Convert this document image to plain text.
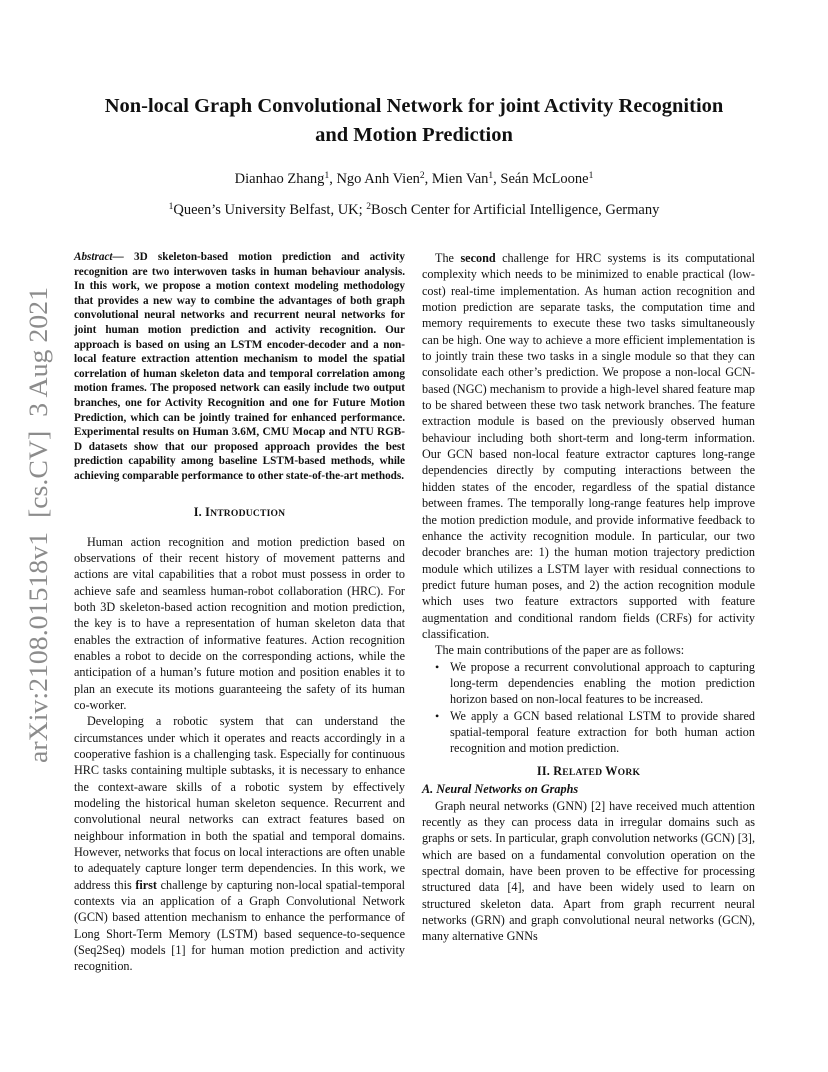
arXiv:2108.01518v1  [cs.CV]  3 Aug 2021
Non-local Graph Convolutional Network for joint Activity Recognition
and Motion Prediction
Dianhao Zhang$^1$, Ngo Anh Vien$^2$, Mien Van$^1$, Seán McLoone$^1$
$^1$Queen’s University Belfast, UK; $^2$Bosch Center for Artificial Intelligence, Germany

Abstract— 3D skeleton-based motion prediction and activity recognition are two interwoven tasks in human behaviour analysis. In this work, we propose a motion context modeling methodology that provides a new way to combine the advantages of both graph convolutional neural networks and recurrent neural networks for joint human motion prediction and activity recognition. Our approach is based on using an LSTM encoder-decoder and a non-local feature extraction attention mechanism to model the spatial correlation of human skeleton data and temporal correlation among motion frames. The proposed network can easily include two output branches, one for Activity Recognition and one for Future Motion Prediction, which can be jointly trained for enhanced performance. Experimental results on Human 3.6M, CMU Mocap and NTU RGB-D datasets show that our proposed approach provides the best prediction capability among baseline LSTM-based methods, while achieving comparable performance to other state-of-the-art methods.

I. INTRODUCTION

Human action recognition and motion prediction based on observations of their recent history of movement patterns and actions are vital capabilities that a robot must possess in order to achieve safe and seamless human-robot collaboration (HRC). For both 3D skeleton-based action recognition and motion prediction, the key is to have a representation of human skeleton data that enables the extraction of informative features. Action recognition enables a robot to decide on the corresponding actions, while the anticipation of a human’s future motion and position enables it to plan an execute its motions guaranteeing the safety of its human co-worker.

Developing a robotic system that can understand the circumstances under which it operates and reacts accordingly in a cooperative fashion is a challenging task. Especially for continuous HRC tasks containing multiple subtasks, it is necessary to enhance the context-aware skills of a robotic system by effectively modeling the historical human skeleton sequence. Recurrent and convolutional neural networks can extract features based on neighbour information in both the spatial and temporal domains. However, networks that focus on local interactions are often unable to adequately capture longer term dependencies. In this work, we address this first challenge by capturing non-local spatial-temporal contexts via an application of a Graph Convolutional Network (GCN) based attention mechanism to enhance the performance of Long Short-Term Memory (LSTM) based sequence-to-sequence (Seq2Seq) models [1] for human motion prediction and activity recognition.

The second challenge for HRC systems is its computational complexity which needs to be minimized to enable practical (low-cost) real-time implementation. As human action recognition and motion prediction are separate tasks, the computation time and memory requirements to execute these two tasks simultaneously can be high. One way to achieve a more efficient implementation is to jointly train these two tasks in a single module so that they can consolidate each other’s prediction. We propose a non-local GCN-based (NGC) mechanism to provide a high-level shared feature map to be shared between these two task network branches. The feature extraction module is based on the previously observed human behaviour including both short-term and long-term information. Our GCN based non-local feature extractor captures long-range dependencies directly by computing interactions between the hidden states of the encoder, regardless of the spatial distance between frames. The temporally long-range features help improve the motion prediction module, and provide informative feedback to enhance the activity recognition module. In particular, our two decoder branches are: 1) the human motion trajectory prediction module which utilizes a LSTM layer with residual connections to predict future human poses, and 2) the action recognition module which uses two feature extractors supported with feature augmentation and conditional random fields (CRFs) for activity classification.

The main contributions of the paper are as follows:

• We propose a recurrent convolutional approach to capturing long-term dependencies enabling the motion prediction horizon based on non-local features to be increased.
• We apply a GCN based relational LSTM to provide shared spatial-temporal feature extraction for both human action recognition and motion prediction.
II. RELATED WORK
A. Neural Networks on Graphs

Graph neural networks (GNN) [2] have received much attention recently as they can process data in irregular domains such as graphs or sets. In particular, graph convolution networks (GCN) [3], which are based on a fundamental convolution operation on the spectral domain, have been proven to be effective for processing structured data [4], and have been widely used to learn on structured skeleton data. Apart from graph recurrent neural networks (GRN) and graph convolutional neural networks (GCN), many alternative GNNs
